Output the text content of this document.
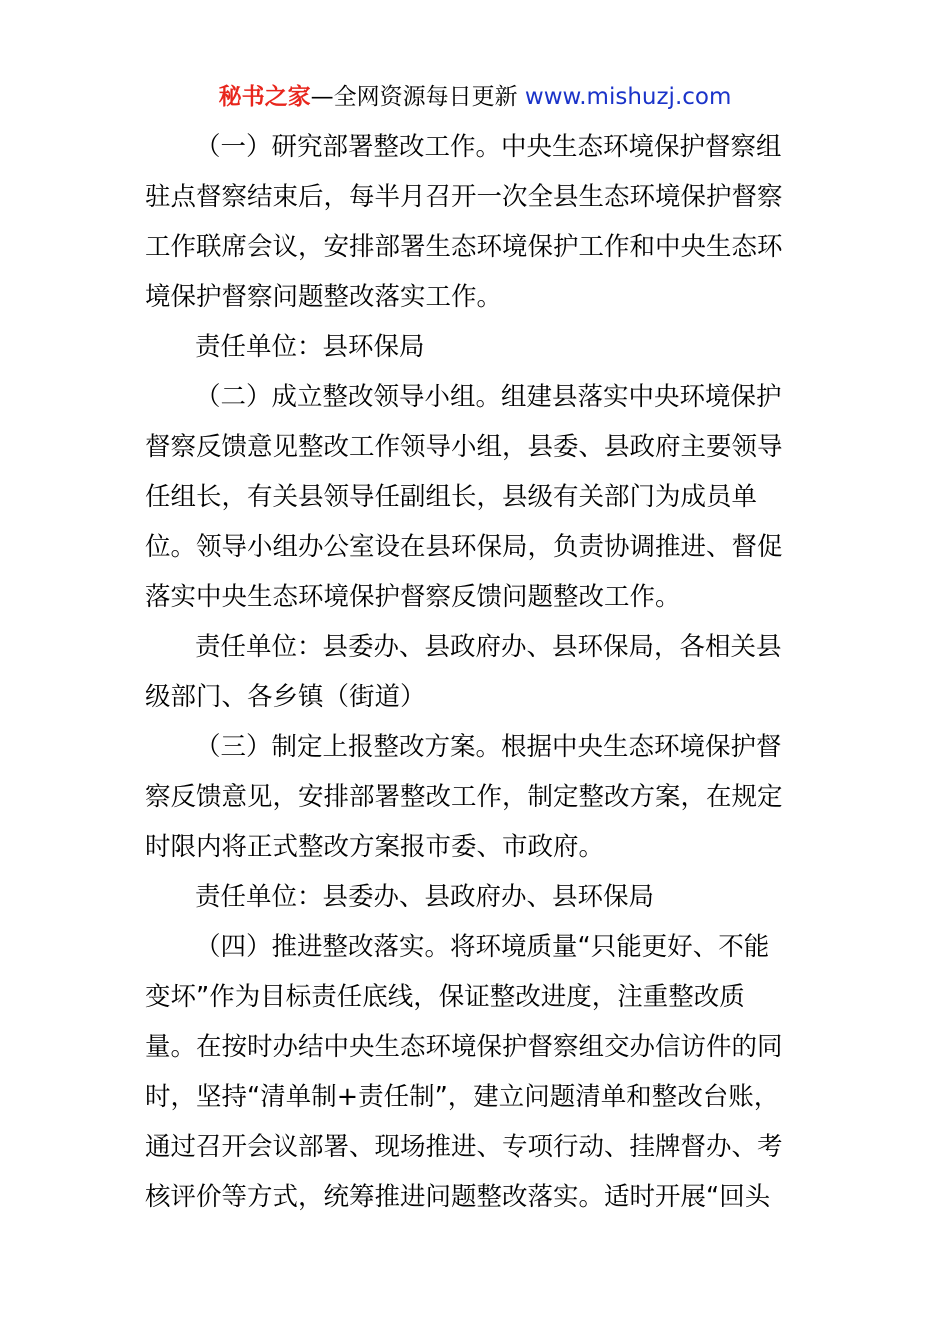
秘书之家—全网资源每日更新 www.mishuzj.com
（一）研究部署整改工作。中央生态环境保护督察组
驻点督察结束后，每半月召开一次全县生态环境保护督察
工作联席会议，安排部署生态环境保护工作和中央生态环
境保护督察问题整改落实工作。
责任单位：县环保局
（二）成立整改领导小组。组建县落实中央环境保护
督察反馈意见整改工作领导小组，县委、县政府主要领导
任组长，有关县领导任副组长，县级有关部门为成员单
位。领导小组办公室设在县环保局，负责协调推进、督促
落实中央生态环境保护督察反馈问题整改工作。
责任单位：县委办、县政府办、县环保局，各相关县
级部门、各乡镇（街道）
（三）制定上报整改方案。根据中央生态环境保护督
察反馈意见，安排部署整改工作，制定整改方案，在规定
时限内将正式整改方案报市委、市政府。
责任单位：县委办、县政府办、县环保局
（四）推进整改落实。将环境质量“只能更好、不能
变坏”作为目标责任底线，保证整改进度，注重整改质
量。在按时办结中央生态环境保护督察组交办信访件的同
时，坚持“清单制+责任制”，建立问题清单和整改台账，
通过召开会议部署、现场推进、专项行动、挂牌督办、考
核评价等方式，统筹推进问题整改落实。适时开展“回头
